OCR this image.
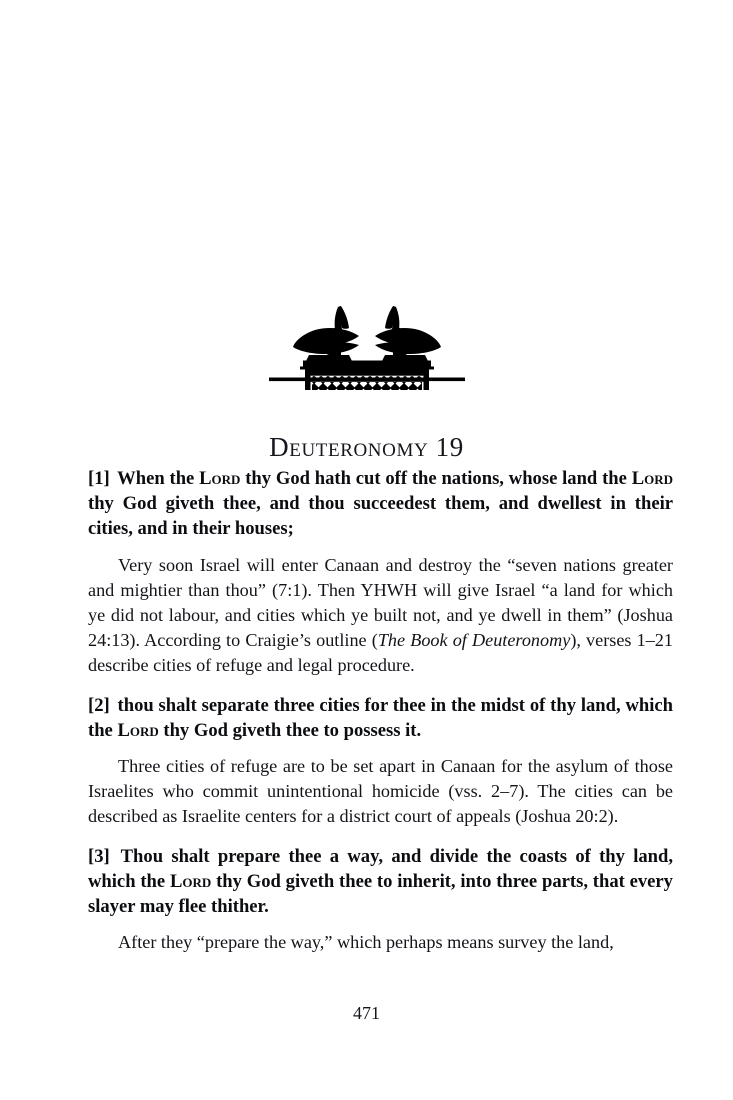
Deuteronomy 19

[1] When the Lord thy God hath cut off the nations, whose land the Lord thy God giveth thee, and thou succeedest them, and dwellest in their cities, and in their houses;

Very soon Israel will enter Canaan and destroy the “seven nations greater and mightier than thou” (7:1). Then YHWH will give Israel “a land for which ye did not labour, and cities which ye built not, and ye dwell in them” (Joshua 24:13). According to Craigie’s outline (The Book of Deuteronomy), verses 1–21 describe cities of refuge and legal procedure.

[2] thou shalt separate three cities for thee in the midst of thy land, which the Lord thy God giveth thee to possess it.

Three cities of refuge are to be set apart in Canaan for the asylum of those Israelites who commit unintentional homicide (vss. 2–7). The cities can be described as Israelite centers for a district court of appeals (Joshua 20:2).

[3] Thou shalt prepare thee a way, and divide the coasts of thy land, which the Lord thy God giveth thee to inherit, into three parts, that every slayer may flee thither.

After they “prepare the way,” which perhaps means survey the land,

471
